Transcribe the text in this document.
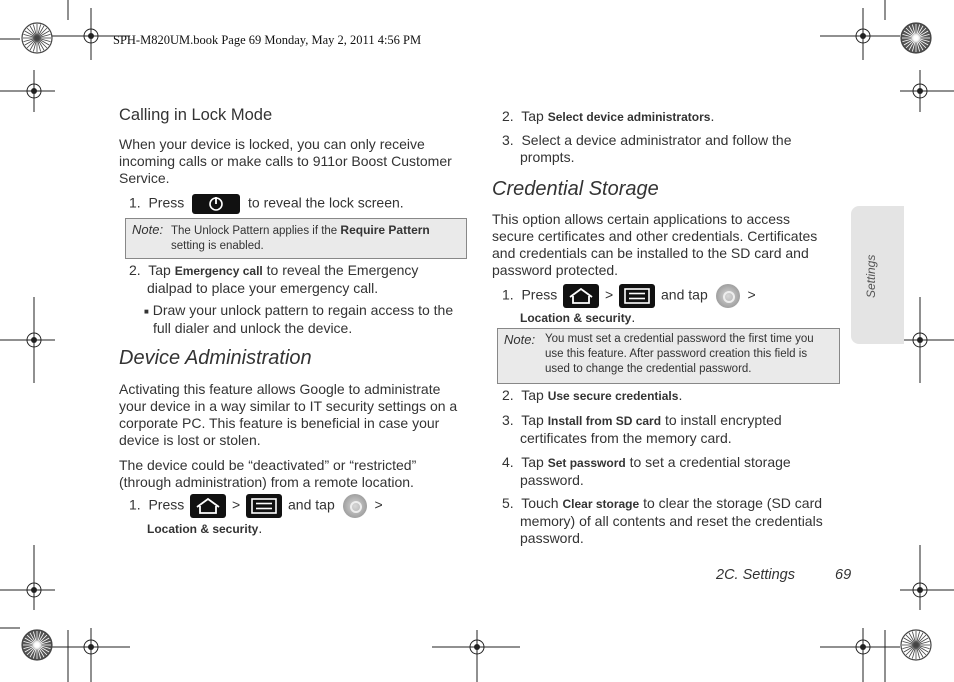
SPH-M820UM.book Page 69 Monday, May 2, 2011 4:56 PM
Settings
Calling in Lock Mode
When your device is locked, you can only receive
incoming calls or make calls to 911or Boost Customer
Service.
1. Press	to reveal the lock screen.
Note: The Unlock Pattern applies if the Require Pattern
setting is enabled.
2. Tap Emergency call to reveal the Emergency
dialpad to place your emergency call.
■ Draw your unlock pattern to regain access to the
full dialer and unlock the device.
Device Administration
Activating this feature allows Google to administrate
your device in a way similar to IT security settings on a
corporate PC. This feature is beneficial in case your
device is lost or stolen.
The device could be “deactivated” or “restricted”
(through administration) from a remote location.
1. Press	>	and tap	>
Location & security.
2. Tap Select device administrators.
3. Select a device administrator and follow the
prompts.
Credential Storage
This option allows certain applications to access
secure certificates and other credentials. Certificates
and credentials can be installed to the SD card and
password protected.
1. Press	>	and tap	>
Location & security.
Note: You must set a credential password the first time you
use this feature. After password creation this field is
used to change the credential password.
2. Tap Use secure credentials.
3. Tap Install from SD card to install encrypted
certificates from the memory card.
4. Tap Set password to set a credential storage
password.
5. Touch Clear storage to clear the storage (SD card
memory) of all contents and reset the credentials
password.
2C. Settings	69
